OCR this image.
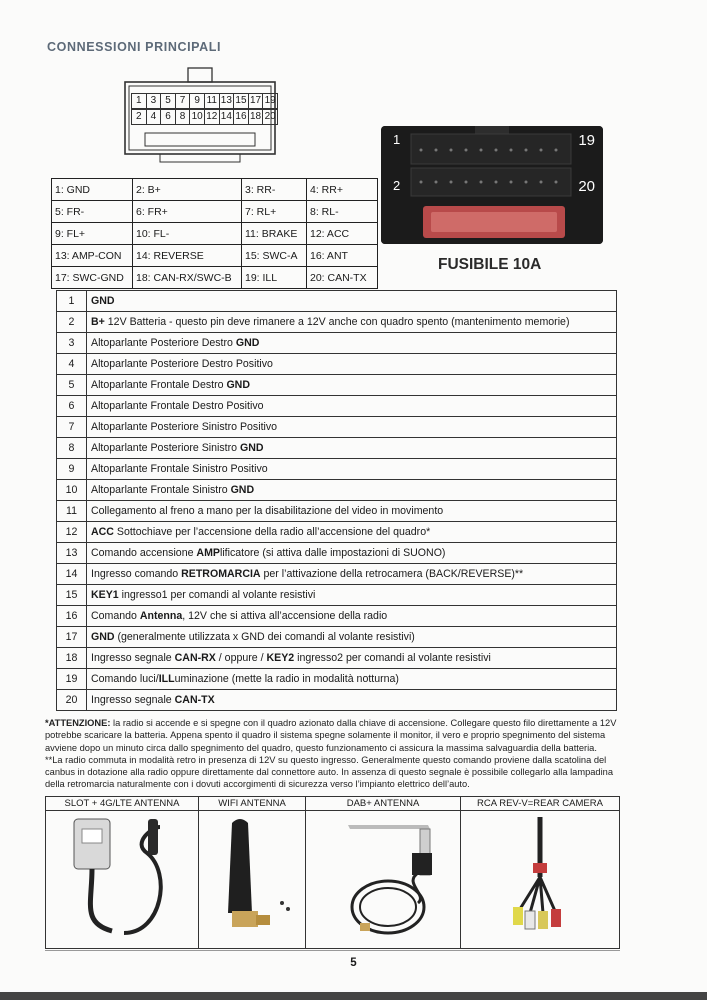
CONNESSIONI PRINCIPALI
1 3 5 7 9 11 13 15 17 19
2 4 6 8 10 12 14 16 18 20
1: GND	2: B+	3: RR-	4: RR+
5: FR-	6: FR+	7: RL+	8: RL-
9: FL+	10: FL-	11: BRAKE	12: ACC
13: AMP-CON	14: REVERSE	15: SWC-A	16: ANT
17: SWC-GND	18: CAN-RX/SWC-B	19: ILL	20: CAN-TX
1	19
2	20
FUSIBILE 10A
1	GND
2	B+ 12V Batteria - questo pin deve rimanere a 12V anche con quadro spento (mantenimento memorie)
3	Altoparlante Posteriore Destro GND
4	Altoparlante Posteriore Destro Positivo
5	Altoparlante Frontale Destro GND
6	Altoparlante Frontale Destro Positivo
7	Altoparlante Posteriore Sinistro Positivo
8	Altoparlante Posteriore Sinistro GND
9	Altoparlante Frontale Sinistro Positivo
10	Altoparlante Frontale Sinistro GND
11	Collegamento al freno a mano per la disabilitazione del video in movimento
12	ACC Sottochiave per l’accensione della radio all’accensione del quadro*
13	Comando accensione AMPlificatore (si attiva dalle impostazioni di SUONO)
14	Ingresso comando RETROMARCIA per l’attivazione della retrocamera (BACK/REVERSE)**
15	KEY1 ingresso1 per comandi al volante resistivi
16	Comando Antenna, 12V che si attiva all’accensione della radio
17	GND (generalmente utilizzata x GND dei comandi al volante resistivi)
18	Ingresso segnale CAN-RX / oppure / KEY2 ingresso2 per comandi al volante resistivi
19	Comando luci/ILLuminazione (mette la radio in modalità notturna)
20	Ingresso segnale CAN-TX
*ATTENZIONE: la radio si accende e si spegne con il quadro azionato dalla chiave di accensione. Collegare questo filo direttamente a 12V potrebbe scaricare la batteria. Appena spento il quadro il sistema spegne solamente il monitor, il vero e proprio spegnimento del sistema avviene dopo un minuto circa dallo spegnimento del quadro, questo funzionamento ci assicura la massima salvaguardia della batteria.
**La radio commuta in modalità retro in presenza di 12V su questo ingresso. Generalmente questo comando proviene dalla scatolina del canbus in dotazione alla radio oppure direttamente dal connettore auto. In assenza di questo segnale è possibile collegarlo alla lampadina della retromarcia naturalmente con i dovuti accorgimenti di sicurezza verso l’impianto elettrico dell’auto.
SLOT + 4G/LTE ANTENNA	WIFI ANTENNA	DAB+ ANTENNA	RCA REV-V=REAR CAMERA

5
